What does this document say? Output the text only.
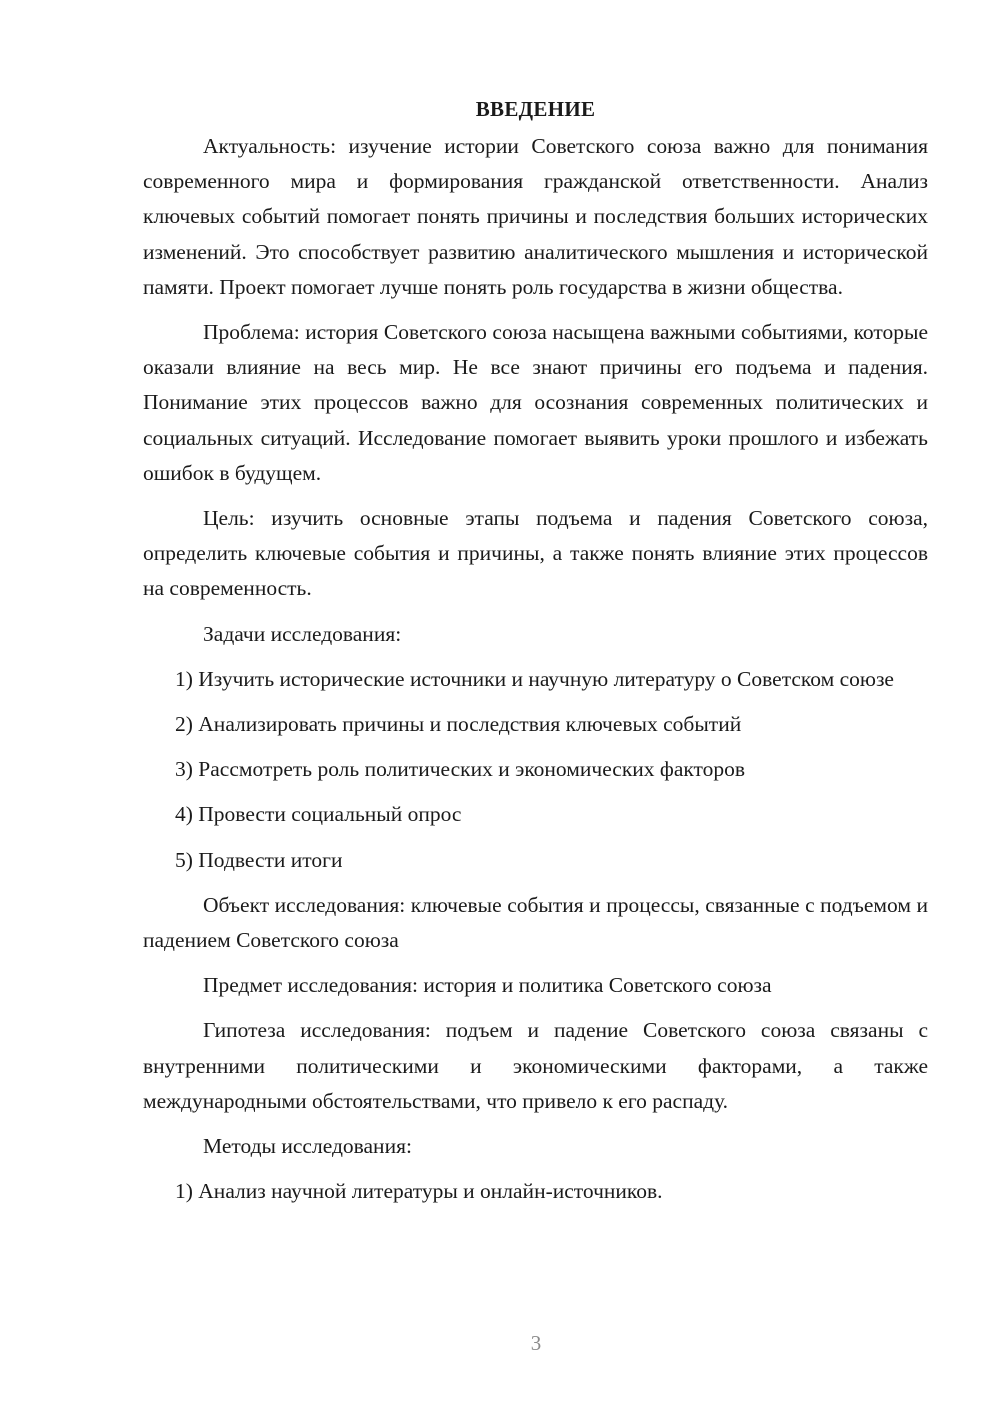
ВВЕДЕНИЕ

Актуальность: изучение истории Советского союза важно для понимания современного мира и формирования гражданской ответственности. Анализ ключевых событий помогает понять причины и последствия больших исторических изменений. Это способствует развитию аналитического мышления и исторической памяти. Проект помогает лучше понять роль государства в жизни общества.

Проблема: история Советского союза насыщена важными событиями, которые оказали влияние на весь мир. Не все знают причины его подъема и падения. Понимание этих процессов важно для осознания современных политических и социальных ситуаций. Исследование помогает выявить уроки прошлого и избежать ошибок в будущем.

Цель: изучить основные этапы подъема и падения Советского союза, определить ключевые события и причины, а также понять влияние этих процессов на современность.

Задачи исследования:

1) Изучить исторические источники и научную литературу о Советском союзе

2) Анализировать причины и последствия ключевых событий

3) Рассмотреть роль политических и экономических факторов

4) Провести социальный опрос

5) Подвести итоги

Объект исследования: ключевые события и процессы, связанные с подъемом и падением Советского союза

Предмет исследования: история и политика Советского союза

Гипотеза исследования: подъем и падение Советского союза связаны с внутренними политическими и экономическими факторами, а также международными обстоятельствами, что привело к его распаду.

Методы исследования:

1) Анализ научной литературы и онлайн-источников.

3
